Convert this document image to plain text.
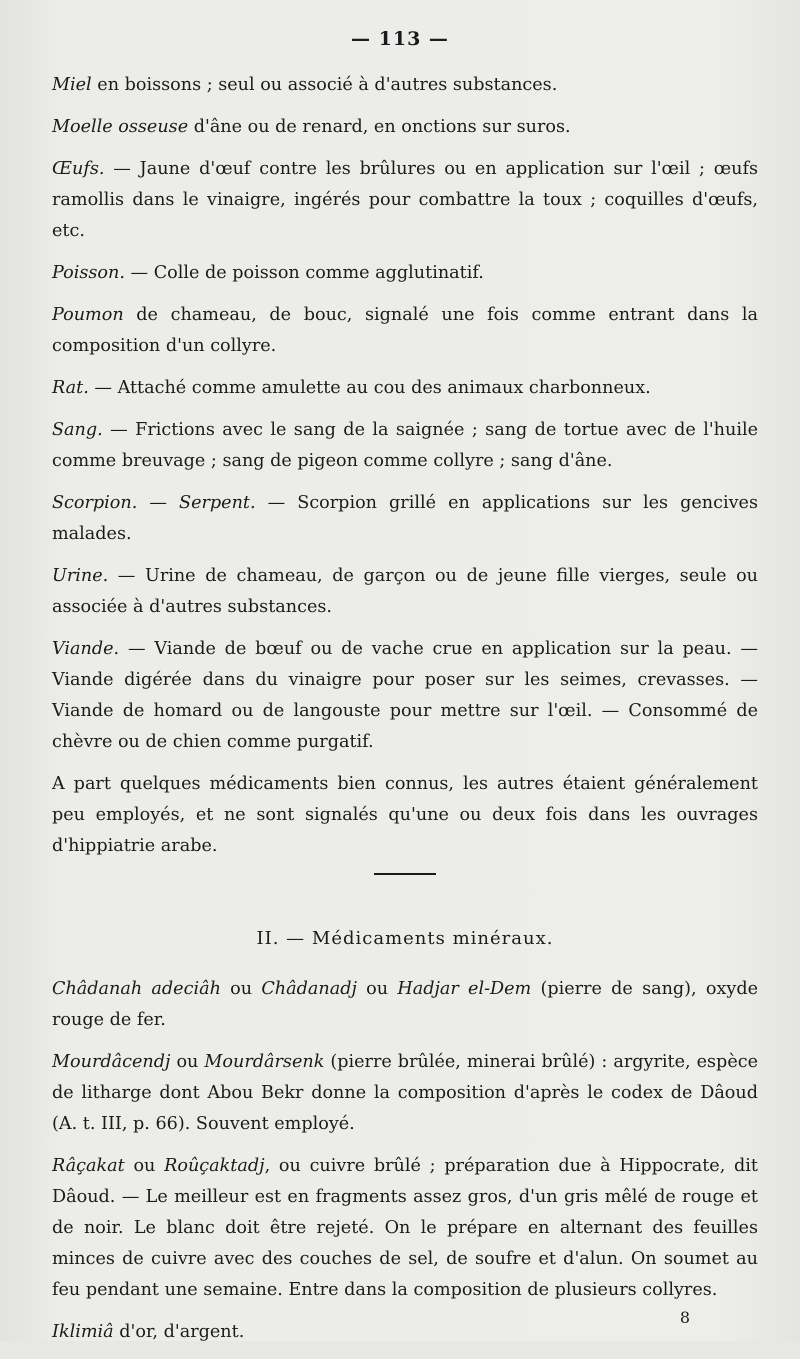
— 113 —

Miel en boissons ; seul ou associé à d'autres substances.

Moelle osseuse d'âne ou de renard, en onctions sur suros.

Œufs. — Jaune d'œuf contre les brûlures ou en application sur l'œil ; œufs ramollis dans le vinaigre, ingérés pour combattre la toux ; coquilles d'œufs, etc.

Poisson. — Colle de poisson comme agglutinatif.

Poumon de chameau, de bouc, signalé une fois comme entrant dans la composition d'un collyre.

Rat. — Attaché comme amulette au cou des animaux charbonneux.

Sang. — Frictions avec le sang de la saignée ; sang de tortue avec de l'huile comme breuvage ; sang de pigeon comme collyre ; sang d'âne.

Scorpion. — Serpent. — Scorpion grillé en applications sur les gencives malades.

Urine. — Urine de chameau, de garçon ou de jeune fille vierges, seule ou associée à d'autres substances.

Viande. — Viande de bœuf ou de vache crue en application sur la peau. — Viande digérée dans du vinaigre pour poser sur les seimes, crevasses. — Viande de homard ou de langouste pour mettre sur l'œil. — Consommé de chèvre ou de chien comme purgatif.

A part quelques médicaments bien connus, les autres étaient généralement peu employés, et ne sont signalés qu'une ou deux fois dans les ouvrages d'hippiatrie arabe.

II. — Médicaments minéraux.

Châdanah adeciâh ou Châdanadj ou Hadjar el-Dem (pierre de sang), oxyde rouge de fer.

Mourdâcendj ou Mourdârsenk (pierre brûlée, minerai brûlé) : argyrite, espèce de litharge dont Abou Bekr donne la composition d'après le codex de Dâoud (A. t. III, p. 66). Souvent employé.

Râçakat ou Roûçaktadj, ou cuivre brûlé ; préparation due à Hippocrate, dit Dâoud. — Le meilleur est en fragments assez gros, d'un gris mêlé de rouge et de noir. Le blanc doit être rejeté. On le prépare en alternant des feuilles minces de cuivre avec des couches de sel, de soufre et d'alun. On soumet au feu pendant une semaine. Entre dans la composition de plusieurs collyres.

Iklimiâ d'or, d'argent.

8
